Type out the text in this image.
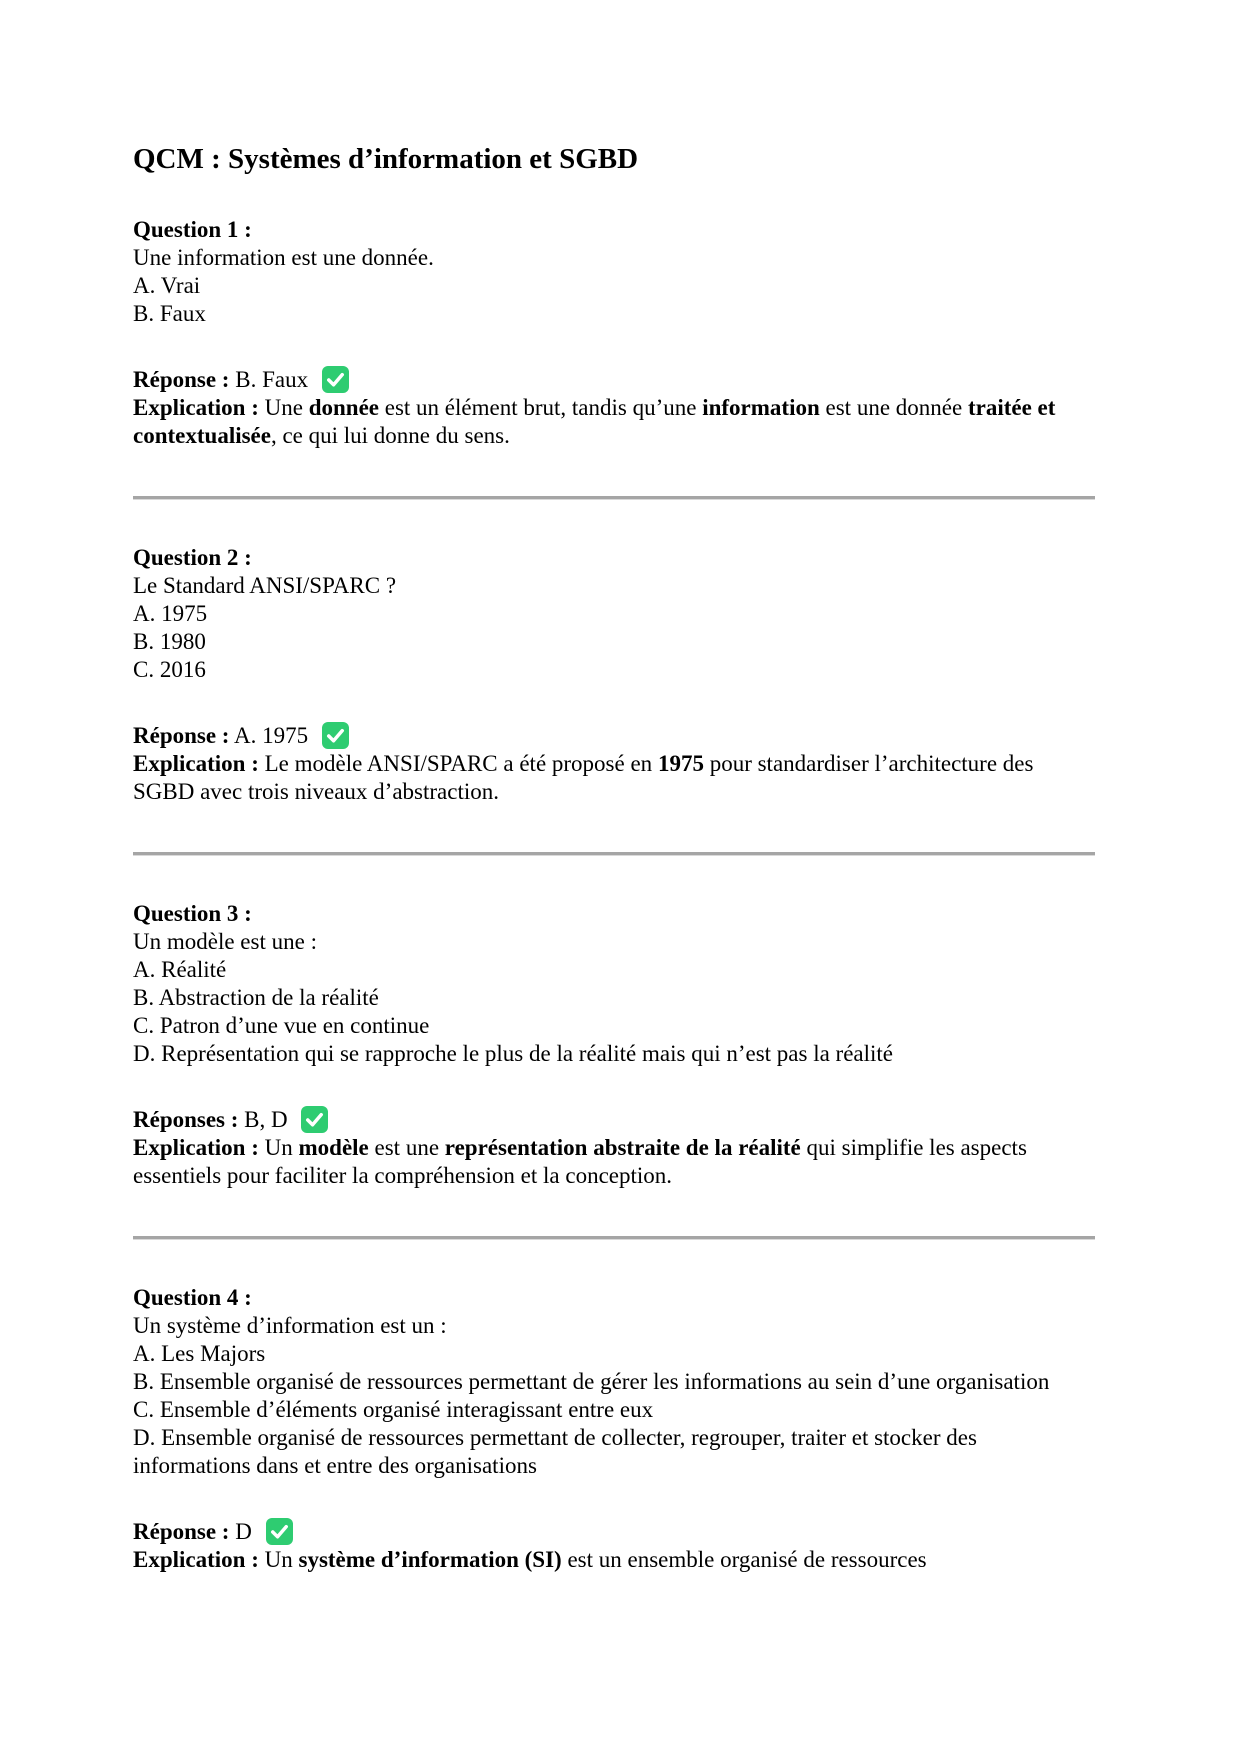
QCM : Systèmes d’information et SGBD

Question 1 :

Une information est une donnée.

A. Vrai

B. Faux

Réponse : B. Faux

Explication : Une donnée est un élément brut, tandis qu’une information est une donnée traitée et contextualisée, ce qui lui donne du sens.

Question 2 :

Le Standard ANSI/SPARC ?

A. 1975

B. 1980

C. 2016

Réponse : A. 1975

Explication : Le modèle ANSI/SPARC a été proposé en 1975 pour standardiser l’architecture des SGBD avec trois niveaux d’abstraction.

Question 3 :

Un modèle est une :

A. Réalité

B. Abstraction de la réalité

C. Patron d’une vue en continue

D. Représentation qui se rapproche le plus de la réalité mais qui n’est pas la réalité

Réponses : B, D

Explication : Un modèle est une représentation abstraite de la réalité qui simplifie les aspects essentiels pour faciliter la compréhension et la conception.

Question 4 :

Un système d’information est un :

A. Les Majors

B. Ensemble organisé de ressources permettant de gérer les informations au sein d’une organisation

C. Ensemble d’éléments organisé interagissant entre eux

D. Ensemble organisé de ressources permettant de collecter, regrouper, traiter et stocker des informations dans et entre des organisations

Réponse : D

Explication : Un système d’information (SI) est un ensemble organisé de ressources
